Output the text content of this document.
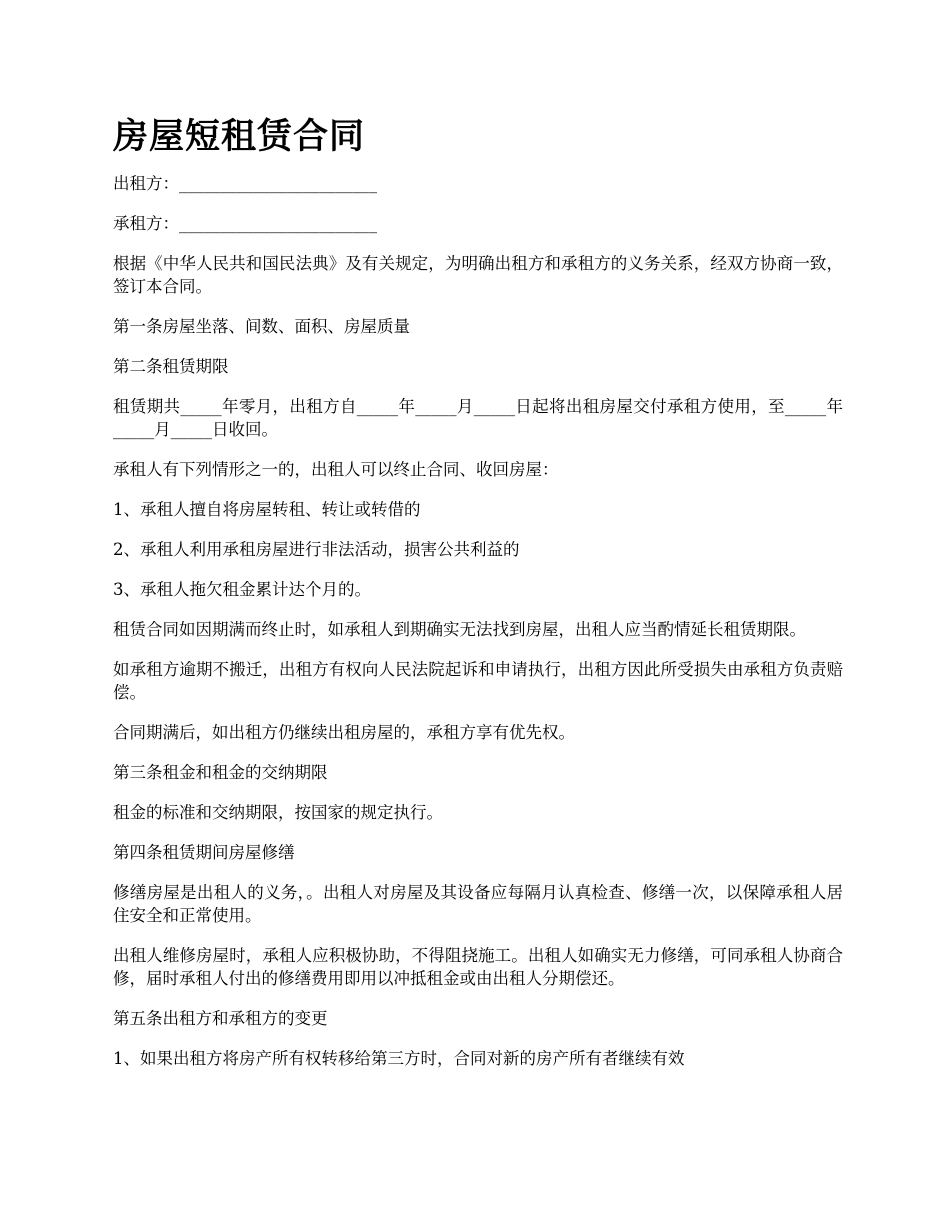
房屋短租赁合同

出租方：________________________

承租方：________________________

根据《中华人民共和国民法典》及有关规定，为明确出租方和承租方的义务关系，经双方协商一致，签订本合同。

第一条房屋坐落、间数、面积、房屋质量

第二条租赁期限

租赁期共_____年零月，出租方自_____年_____月_____日起将出租房屋交付承租方使用，至_____年_____月_____日收回。

承租人有下列情形之一的，出租人可以终止合同、收回房屋：

1、承租人擅自将房屋转租、转让或转借的

2、承租人利用承租房屋进行非法活动，损害公共利益的

3、承租人拖欠租金累计达个月的。

租赁合同如因期满而终止时，如承租人到期确实无法找到房屋，出租人应当酌情延长租赁期限。

如承租方逾期不搬迁，出租方有权向人民法院起诉和申请执行，出租方因此所受损失由承租方负责赔偿。

合同期满后，如出租方仍继续出租房屋的，承租方享有优先权。

第三条租金和租金的交纳期限

租金的标准和交纳期限，按国家的规定执行。

第四条租赁期间房屋修缮

修缮房屋是出租人的义务，。出租人对房屋及其设备应每隔月认真检查、修缮一次，以保障承租人居住安全和正常使用。

出租人维修房屋时，承租人应积极协助，不得阻挠施工。出租人如确实无力修缮，可同承租人协商合修，届时承租人付出的修缮费用即用以冲抵租金或由出租人分期偿还。

第五条出租方和承租方的变更

1、如果出租方将房产所有权转移给第三方时，合同对新的房产所有者继续有效
